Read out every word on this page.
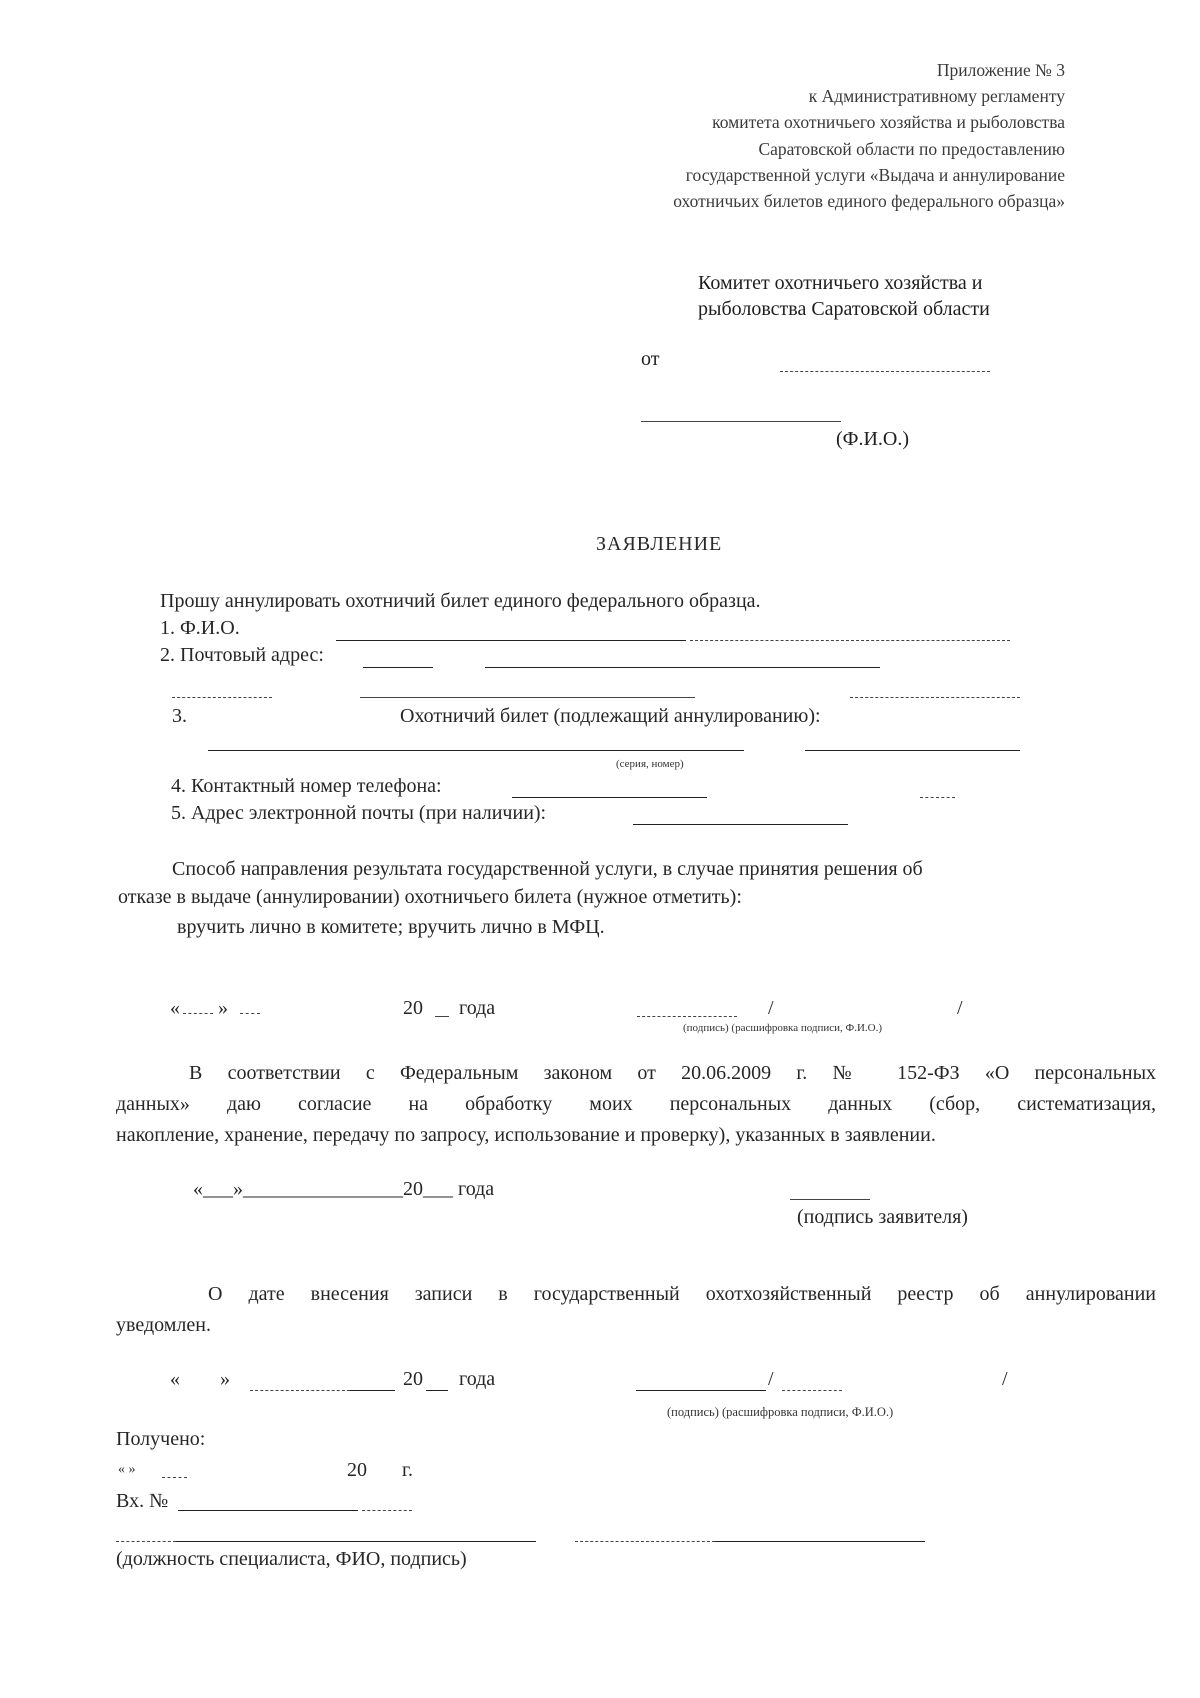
Приложение № 3
к Административному регламенту
комитета охотничьего хозяйства и рыболовства
Саратовской области по предоставлению
государственной услуги «Выдача и аннулирование
охотничьих билетов единого федерального образца»
Комитет охотничьего хозяйства и
рыболовства Саратовской области
от
(Ф.И.О.)
ЗАЯВЛЕНИЕ
Прошу аннулировать охотничий билет единого федерального образца.
1. Ф.И.О.
2. Почтовый адрес:
3.	Охотничий билет (подлежащий аннулированию):
(серия, номер)
4. Контактный номер телефона:
5. Адрес электронной почты (при наличии):
Способ направления результата государственной услуги, в случае принятия решения об
отказе в выдаче (аннулировании) охотничьего билета (нужное отметить):
вручить лично в комитете; вручить лично в МФЦ.
« »	20 года	/	/
(подпись) (расшифровка подписи, Ф.И.О.)
В соответствии с Федеральным законом от 20.06.2009 г. № 152-ФЗ «О персональных
данных» даю согласие на обработку моих персональных данных (сбор, систематизация,
накопление, хранение, передачу по запросу, использование и проверку), указанных в заявлении.
«___»________________20___ года
(подпись заявителя)
О дате внесения записи в государственный охотхозяйственный реестр об аннулировании
уведомлен.
« »	20 года	/	/
(подпись) (расшифровка подписи, Ф.И.О.)
Получено:
« »	20 г.
Вх. №
(должность специалиста, ФИО, подпись)
